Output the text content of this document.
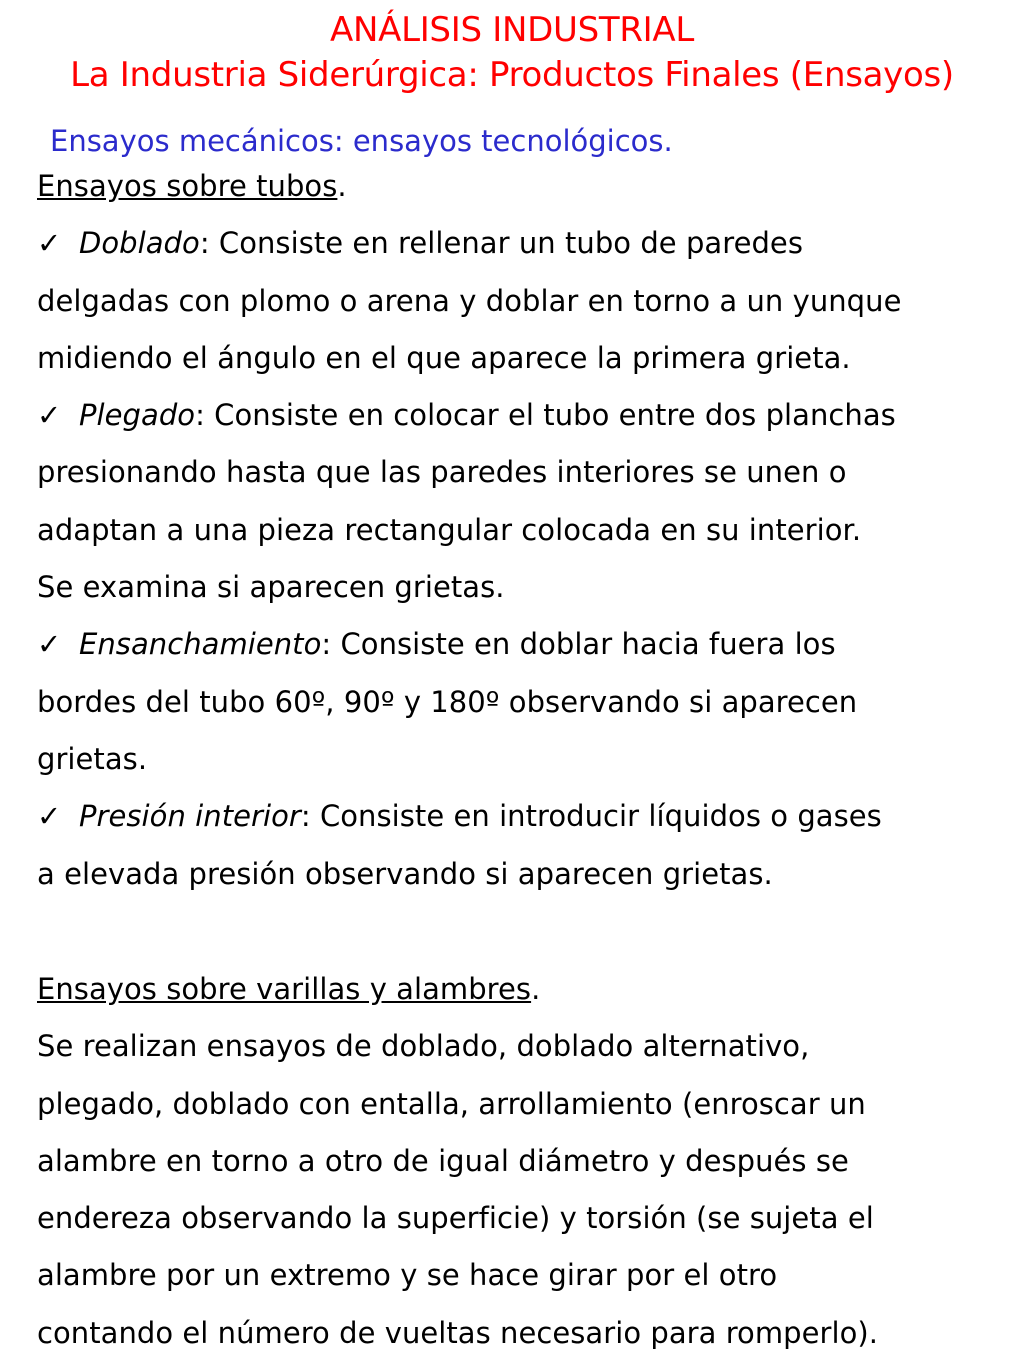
ANÁLISIS INDUSTRIAL
La Industria Siderúrgica: Productos Finales (Ensayos)
Ensayos mecánicos: ensayos tecnológicos.
Ensayos sobre tubos.
✓ Doblado: Consiste en rellenar un tubo de paredes
delgadas con plomo o arena y doblar en torno a un yunque
midiendo el ángulo en el que aparece la primera grieta.
✓ Plegado: Consiste en colocar el tubo entre dos planchas
presionando hasta que las paredes interiores se unen o
adaptan a una pieza rectangular colocada en su interior.
Se examina si aparecen grietas.
✓ Ensanchamiento: Consiste en doblar hacia fuera los
bordes del tubo 60º, 90º y 180º observando si aparecen
grietas.
✓ Presión interior: Consiste en introducir líquidos o gases
a elevada presión observando si aparecen grietas.
Ensayos sobre varillas y alambres.
Se realizan ensayos de doblado, doblado alternativo,
plegado, doblado con entalla, arrollamiento (enroscar un
alambre en torno a otro de igual diámetro y después se
endereza observando la superficie) y torsión (se sujeta el
alambre por un extremo y se hace girar por el otro
contando el número de vueltas necesario para romperlo).
